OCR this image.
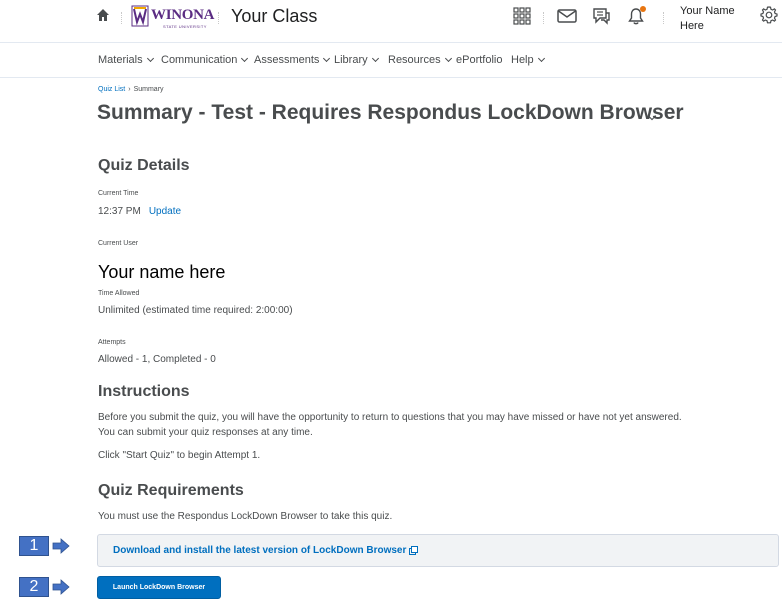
WINONA
STATE UNIVERSITY
Your Class	Your Name Here
Materials	Communication	Assessments	Library	Resources	ePortfolio Help
Quiz List › Summary
Summary - Test - Requires Respondus LockDown Browser
Quiz Details
Current Time
12:37 PM Update
Current User
Your name here
Time Allowed
Unlimited (estimated time required: 2:00:00)
Attempts
Allowed - 1, Completed - 0
Instructions
Before you submit the quiz, you will have the opportunity to return to questions that you may have missed or have not yet answered.
You can submit your quiz responses at any time.
Click "Start Quiz" to begin Attempt 1.
Quiz Requirements
You must use the Respondus LockDown Browser to take this quiz.
1	Download and install the latest version of LockDown Browser
2	Launch LockDown Browser
